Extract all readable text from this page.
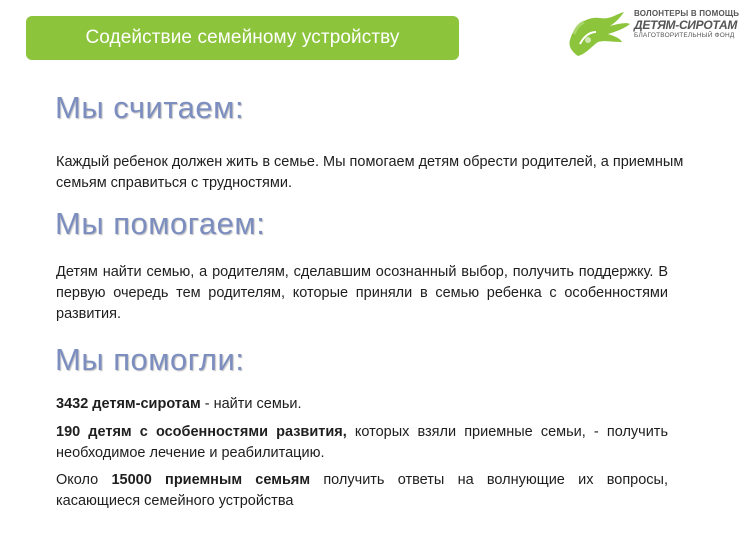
Содействие семейному устройству
ВОЛОНТЕРЫ В ПОМОЩЬ
ДЕТЯМ-СИРОТАМ
БЛАГОТВОРИТЕЛЬНЫЙ ФОНД
Мы считаем:

Каждый ребенок должен жить в семье. Мы помогаем детям обрести родителей, а приемным семьям справиться с трудностями.

Мы помогаем:

Детям найти семью, а родителям, сделавшим осознанный выбор, получить поддержку. В первую очередь тем родителям, которые приняли в семью ребенка с особенностями развития.

Мы помогли:

3432 детям-сиротам - найти семьи.

190 детям с особенностями развития, которых взяли приемные семьи, - получить необходимое лечение и реабилитацию.

Около 15000 приемным семьям получить ответы на волнующие их вопросы, касающиеся семейного устройства
